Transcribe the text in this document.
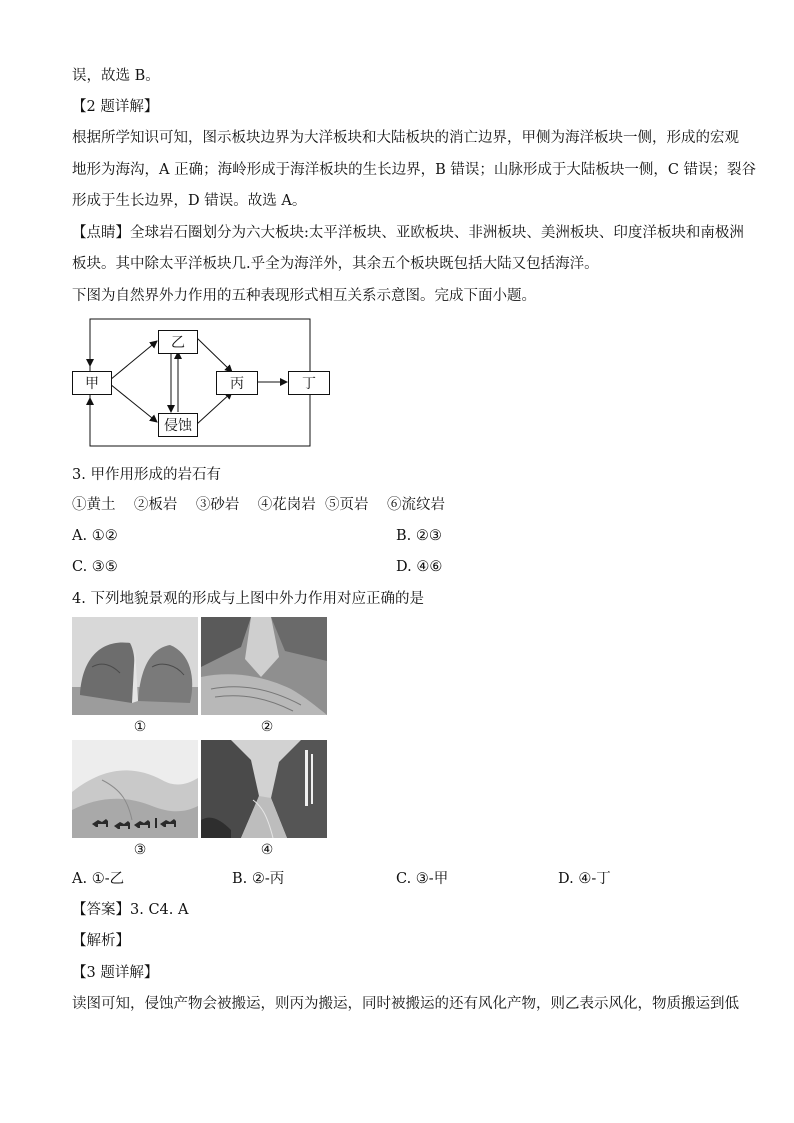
误，故选 B。
【2 题详解】
根据所学知识可知，图示板块边界为大洋板块和大陆板块的消亡边界，甲侧为海洋板块一侧，形成的宏观
地形为海沟，A 正确；海岭形成于海洋板块的生长边界，B 错误；山脉形成于大陆板块一侧，C 错误；裂谷
形成于生长边界，D 错误。故选 A。
【点睛】全球岩石圈划分为六大板块:太平洋板块、亚欧板块、非洲板块、美洲板块、印度洋板块和南极洲
板块。其中除太平洋板块几.乎全为海洋外，其余五个板块既包括大陆又包括海洋。
下图为自然界外力作用的五种表现形式相互关系示意图。完成下面小题。
甲
乙
丙	丁
侵蚀
3. 甲作用形成的岩石有
①黄土    ②板岩    ③砂岩    ④花岗岩  ⑤页岩    ⑥流纹岩
A. ①②	B. ②③
C. ③⑤	D. ④⑥
4. 下列地貌景观的形成与上图中外力作用对应正确的是
①	②
③	④
A. ①-乙	B. ②-丙	C. ③-甲	D. ④-丁
【答案】3. C4. A
【解析】
【3 题详解】
读图可知，侵蚀产物会被搬运，则丙为搬运，同时被搬运的还有风化产物，则乙表示风化，物质搬运到低
